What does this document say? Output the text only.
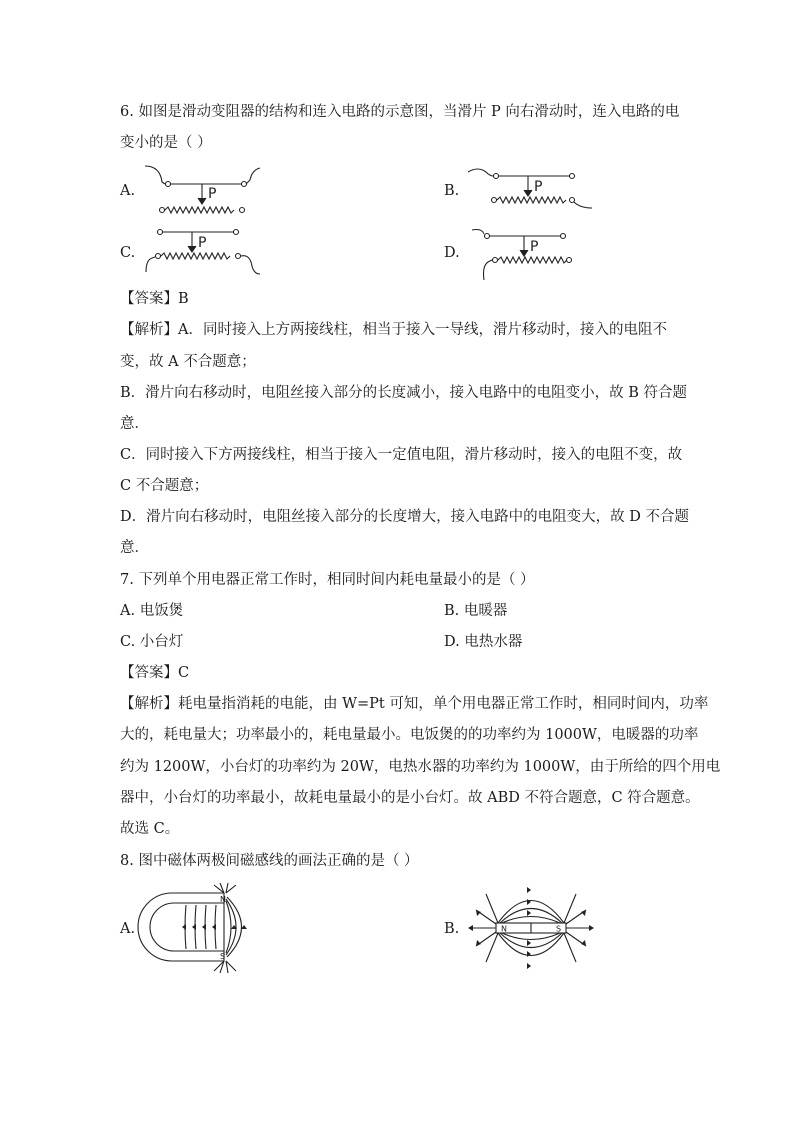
6. 如图是滑动变阻器的结构和连入电路的示意图，当滑片 P 向右滑动时，连入电路的电
变小的是（ ）
A.	B.
C.	D.
P	P
P	P
【答案】B
【解析】A．同时接入上方两接线柱，相当于接入一导线，滑片移动时，接入的电阻不
变，故 A 不合题意；
B．滑片向右移动时，电阻丝接入部分的长度减小，接入电路中的电阻变小，故 B 符合题
意．
C．同时接入下方两接线柱，相当于接入一定值电阻，滑片移动时，接入的电阻不变，故
C 不合题意；
D．滑片向右移动时，电阻丝接入部分的长度增大，接入电路中的电阻变大，故 D 不合题
意．
7. 下列单个用电器正常工作时，相同时间内耗电量最小的是（ ）
A. 电饭煲	B. 电暖器
C. 小台灯	D. 电热水器
【答案】C
【解析】耗电量指消耗的电能，由 W=Pt 可知，单个用电器正常工作时，相同时间内，功率
大的，耗电量大；功率最小的，耗电量最小。电饭煲的的功率约为 1000W，电暖器的功率
约为 1200W，小台灯的功率约为 20W，电热水器的功率约为 1000W，由于所给的四个用电
器中，小台灯的功率最小，故耗电量最小的是小台灯。故 ABD 不符合题意，C 符合题意。
故选 C。
8. 图中磁体两极间磁感线的画法正确的是（ ）
A.	B.
N
S
N	S
